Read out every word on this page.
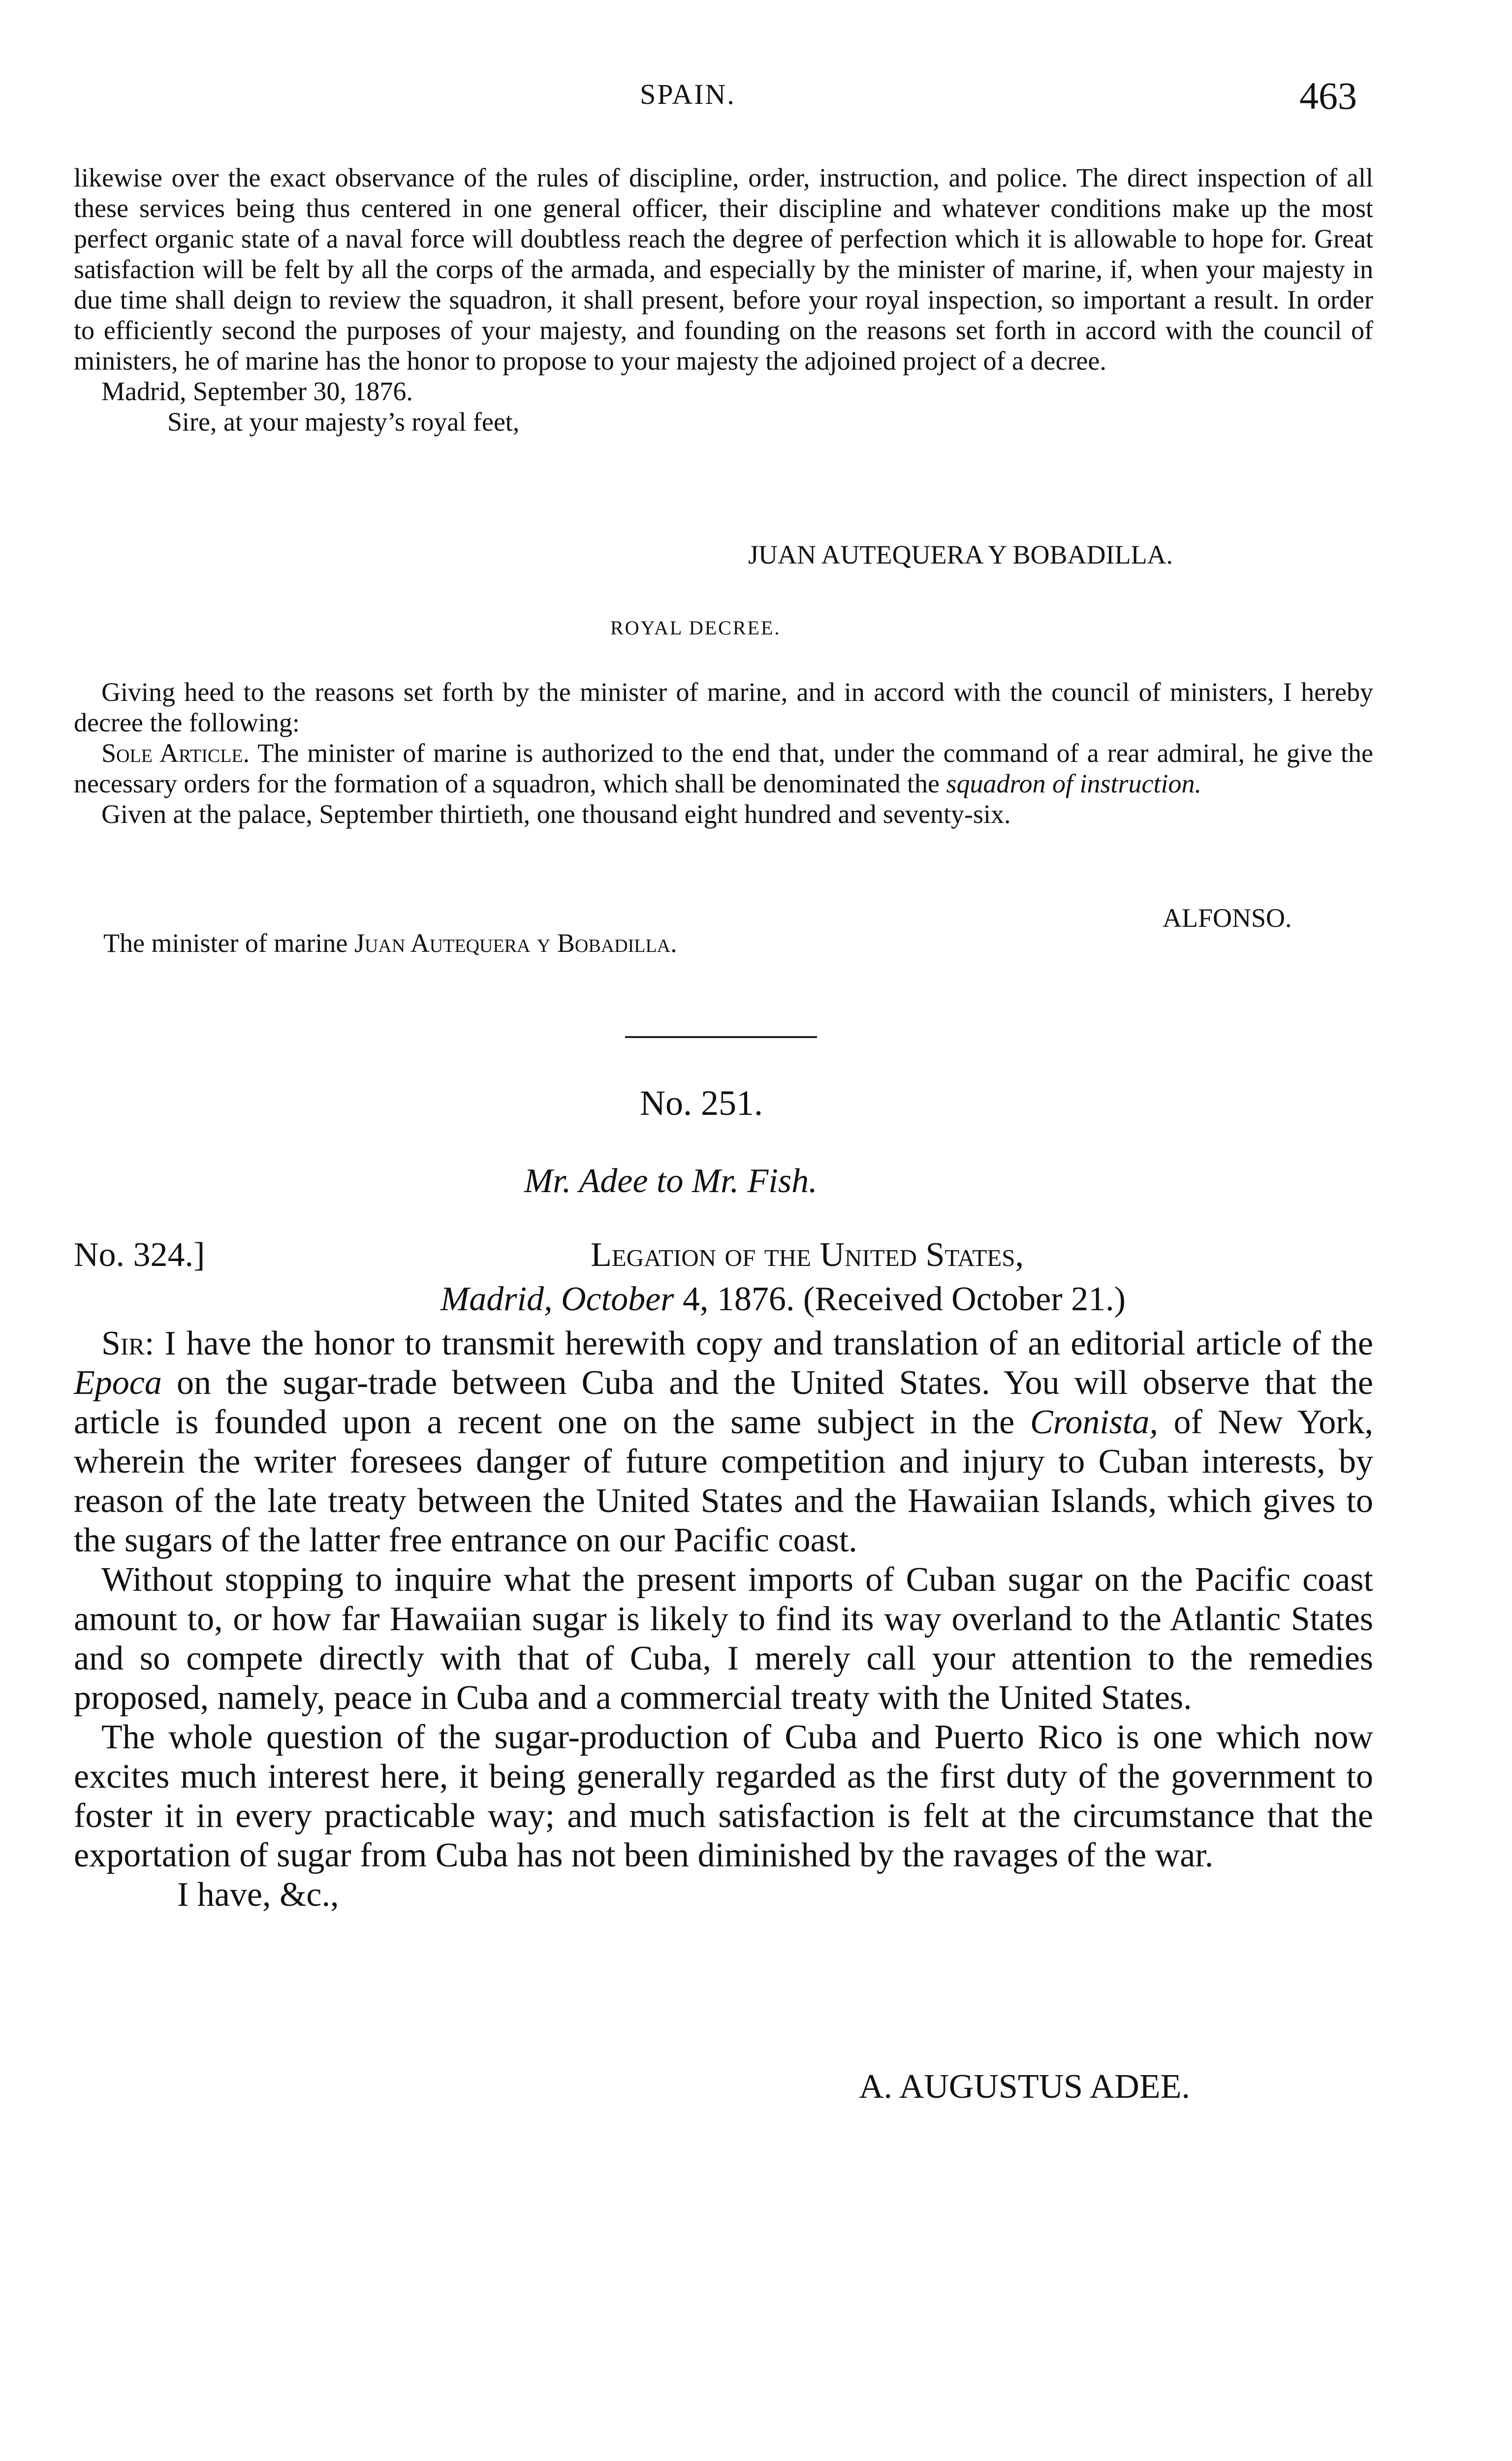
SPAIN.	463

likewise over the exact observance of the rules of discipline, order, instruction, and police. The direct inspection of all these services being thus centered in one general officer, their discipline and whatever conditions make up the most perfect organic state of a naval force will doubtless reach the degree of perfection which it is allowable to hope for. Great satisfaction will be felt by all the corps of the armada, and especially by the minister of marine, if, when your majesty in due time shall deign to review the squadron, it shall present, before your royal inspection, so important a result. In order to efficiently second the purposes of your majesty, and founding on the reasons set forth in accord with the council of ministers, he of marine has the honor to propose to your majesty the adjoined project of a decree.

Madrid, September 30, 1876.

Sire, at your majesty’s royal feet,

JUAN AUTEQUERA Y BOBADILLA.
ROYAL DECREE.

Giving heed to the reasons set forth by the minister of marine, and in accord with the council of ministers, I hereby decree the following:

Sole Article. The minister of marine is authorized to the end that, under the command of a rear admiral, he give the necessary orders for the formation of a squadron, which shall be denominated the squadron of instruction.

Given at the palace, September thirtieth, one thousand eight hundred and seventy-six.

ALFONSO.
The minister of marine Juan Autequera y Bobadilla.
No. 251.
Mr. Adee to Mr. Fish.
No. 324.]	Legation of the United States,
Madrid, October 4, 1876. (Received October 21.)

Sir: I have the honor to transmit herewith copy and translation of an editorial article of the Epoca on the sugar-trade between Cuba and the United States. You will observe that the article is founded upon a recent one on the same subject in the Cronista, of New York, wherein the writer foresees danger of future competition and injury to Cuban interests, by reason of the late treaty between the United States and the Hawaiian Islands, which gives to the sugars of the latter free entrance on our Pacific coast.

Without stopping to inquire what the present imports of Cuban sugar on the Pacific coast amount to, or how far Hawaiian sugar is likely to find its way overland to the Atlantic States and so compete directly with that of Cuba, I merely call your attention to the remedies proposed, namely, peace in Cuba and a commercial treaty with the United States.

The whole question of the sugar-production of Cuba and Puerto Rico is one which now excites much interest here, it being generally regarded as the first duty of the government to foster it in every practicable way; and much satisfaction is felt at the circumstance that the exportation of sugar from Cuba has not been diminished by the ravages of the war.

I have, &c.,

A. AUGUSTUS ADEE.
